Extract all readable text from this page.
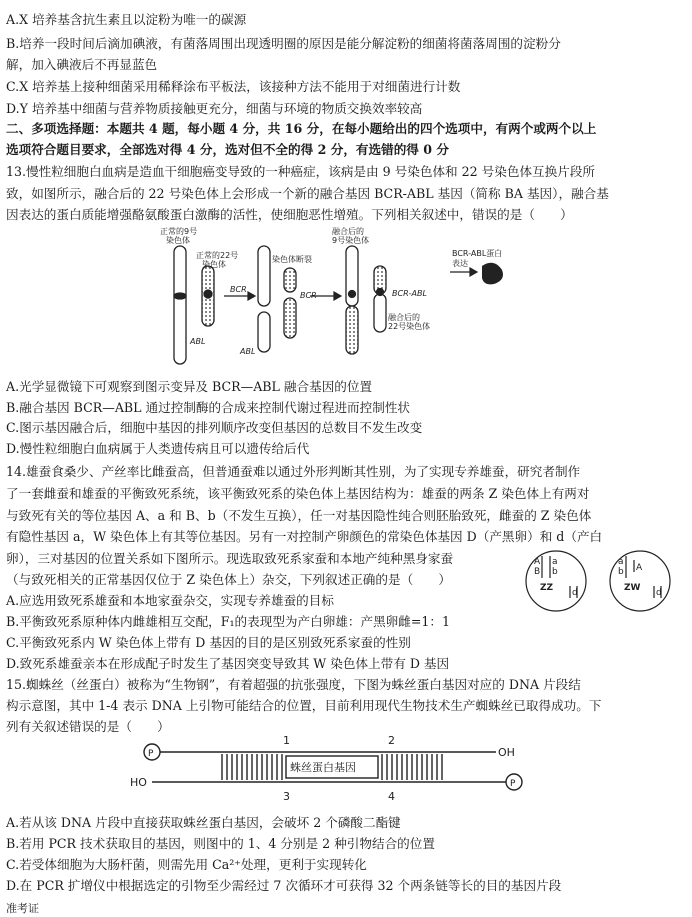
A.X 培养基含抗生素且以淀粉为唯一的碳源
B.培养一段时间后滴加碘液，有菌落周围出现透明圈的原因是能分解淀粉的细菌将菌落周围的淀粉分
解，加入碘液后不再显蓝色
C.X 培养基上接种细菌采用稀释涂布平板法，该接种方法不能用于对细菌进行计数
D.Y 培养基中细菌与营养物质接触更充分，细菌与环境的物质交换效率较高
二、多项选择题：本题共 4 题，每小题 4 分，共 16 分，在每小题给出的四个选项中，有两个或两个以上
选项符合题目要求，全部选对得 4 分，选对但不全的得 2 分，有选错的得 0 分
13.慢性粒细胞白血病是造血干细胞癌变导致的一种癌症，该病是由 9 号染色体和 22 号染色体互换片段所
致，如图所示，融合后的 22 号染色体上会形成一个新的融合基因 BCR-ABL 基因（简称 BA 基因），融合基
因表达的蛋白质能增强酪氨酸蛋白激酶的活性，使细胞恶性增殖。下列相关叙述中，错误的是（　　）
正常的9号
染色体
正常的22号
染色体
染色体断裂
融合后的
9号染色体
融合后的
22号染色体
BCR
BCR
ABL
ABL
BCR-ABL
表达
BCR-ABL蛋白
A.光学显微镜下可观察到图示变异及 BCR—ABL 融合基因的位置
B.融合基因 BCR—ABL 通过控制酶的合成来控制代谢过程进而控制性状
C.图示基因融合后，细胞中基因的排列顺序改变但基因的总数目不发生改变
D.慢性粒细胞白血病属于人类遗传病且可以遗传给后代
14.雄蚕食桑少、产丝率比雌蚕高，但普通蚕难以通过外形判断其性别，为了实现专养雄蚕，研究者制作
了一套雌蚕和雄蚕的平衡致死系统，该平衡致死系的染色体上基因结构为：雄蚕的两条 Z 染色体上有两对
与致死有关的等位基因 A、a 和 B、b（不发生互换），任一对基因隐性纯合则胚胎致死，雌蚕的 Z 染色体
有隐性基因 a，W 染色体上有其等位基因。另有一对控制产卵颜色的常染色体基因 D（产黑卵）和 d（产白
卵），三对基因的位置关系如下图所示。现选取致死系家蚕和本地产纯种黑身家蚕
（与致死相关的正常基因仅位于 Z 染色体上）杂交，下列叙述正确的是（　　）
A
B
a
b
ZZ d
a
b A
ZW d
A.应选用致死系雄蚕和本地家蚕杂交，实现专养雄蚕的目标
B.平衡致死系原种体内雌雄相互交配，F₁的表现型为产白卵雄：产黑卵雌=1：1
C.平衡致死系内 W 染色体上带有 D 基因的目的是区别致死系家蚕的性别
D.致死系雄蚕亲本在形成配子时发生了基因突变导致其 W 染色体上带有 D 基因
15.蜘蛛丝（丝蛋白）被称为“生物钢”，有着超强的抗张强度，下图为蛛丝蛋白基因对应的 DNA 片段结
构示意图，其中 1-4 表示 DNA 上引物可能结合的位置，目前利用现代生物技术生产蜘蛛丝已取得成功。下
列有关叙述错误的是（　　）
P
P
OH
HO
1	2
3	4
蛛丝蛋白基因
A.若从该 DNA 片段中直接获取蛛丝蛋白基因，会破坏 2 个磷酸二酯键
B.若用 PCR 技术获取目的基因，则图中的 1、4 分别是 2 种引物结合的位置
C.若受体细胞为大肠杆菌，则需先用 Ca²⁺处理，更利于实现转化
D.在 PCR 扩增仪中根据选定的引物至少需经过 7 次循环才可获得 32 个两条链等长的目的基因片段
准考证
